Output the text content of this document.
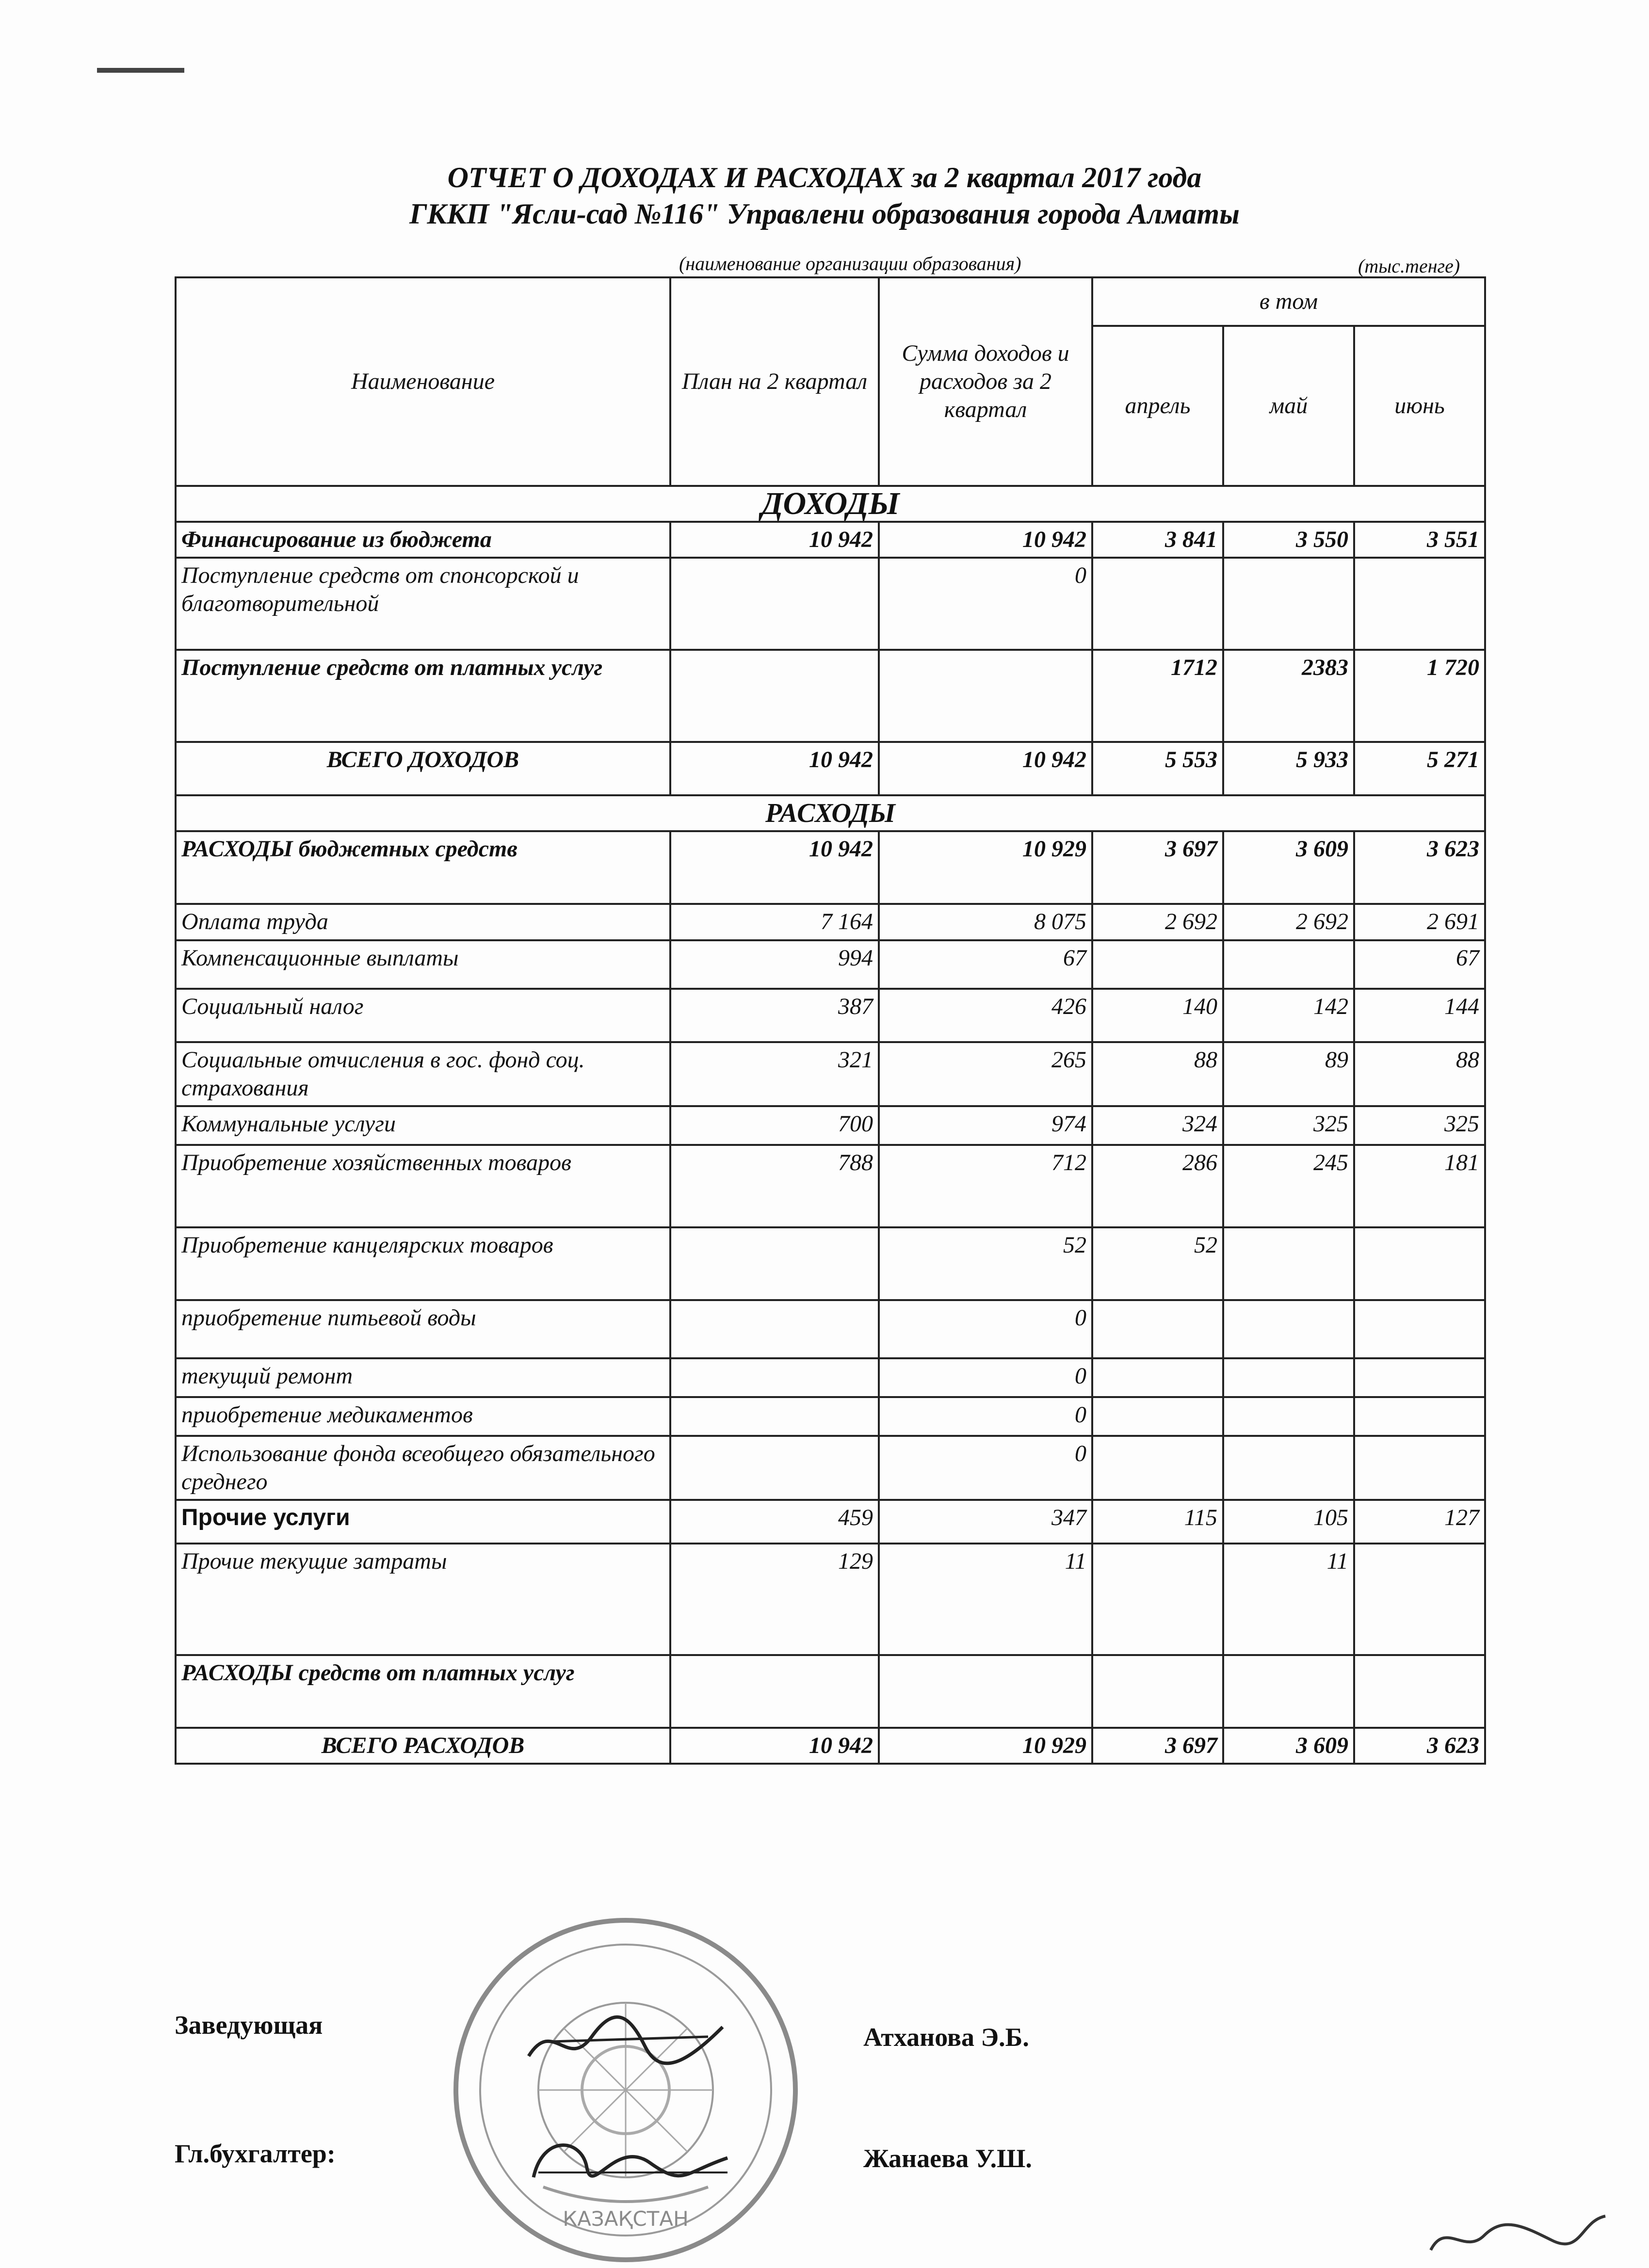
ОТЧЕТ О ДОХОДАХ И РАСХОДАХ за 2 квартал 2017 года
ГККП "Ясли-сад №116" Управлени образования города Алматы
(наименование организации образования)	(тыс.тенге)
Наименование	План на 2 квартал	Сумма доходов и расходов за 2 квартал	в том		
			апрель	май	июнь
ДОХОДЫ					
Финансирование из бюджета	10 942	10 942	3 841	3 550	3 551
Поступление средств от спонсорской и благотворительной		0			
Поступление средств от платных услуг			1712	2383	1 720
ВСЕГО ДОХОДОВ	10 942	10 942	5 553	5 933	5 271
РАСХОДЫ					
РАСХОДЫ бюджетных средств	10 942	10 929	3 697	3 609	3 623
Оплата труда	7 164	8 075	2 692	2 692	2 691
Компенсационные выплаты	994	67			67
Социальный налог	387	426	140	142	144
Социальные отчисления в гос. фонд соц. страхования	321	265	88	89	88
Коммунальные услуги	700	974	324	325	325
Приобретение хозяйственных товаров	788	712	286	245	181
Приобретение канцелярских товаров		52	52		
приобретение питьевой воды		0			
текущий ремонт		0			
приобретение медикаментов		0			
Использование фонда всеобщего обязательного среднего		0			
Прочие услуги	459	347	115	105	127
Прочие текущие затраты	129	11		11	
РАСХОДЫ средств от платных услуг					
ВСЕГО РАСХОДОВ	10 942	10 929	3 697	3 609	3 623
КАЗАҚСТАН
Заведующая	Атханова Э.Б.
Гл.бухгалтер:	Жанаева У.Ш.
